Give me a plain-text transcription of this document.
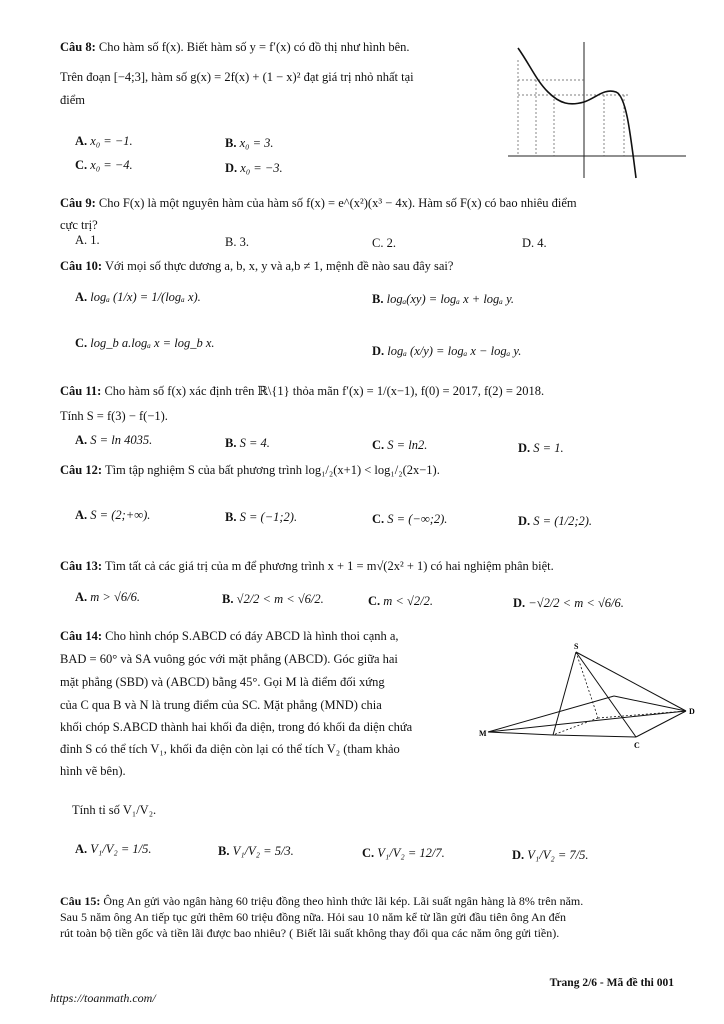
Câu 8: Cho hàm số f(x). Biết hàm số y = f′(x) có đồ thị như hình bên.
Trên đoạn [−4;3], hàm số g(x) = 2f(x) + (1 − x)² đạt giá trị nhỏ nhất tại
điểm
A. x₀ = −1.	B. x₀ = 3.
C. x₀ = −4.	D. x₀ = −3.
Câu 9: Cho F(x) là một nguyên hàm của hàm số f(x) = e^(x²)(x³ − 4x). Hàm số F(x) có bao nhiêu điểm
cực trị?
A. 1.	B. 3.	C. 2.	D. 4.
Câu 10: Với mọi số thực dương a, b, x, y và a,b ≠ 1, mệnh đề nào sau đây sai?
A. logₐ (1/x) = 1/(logₐ x).	B. logₐ(xy) = logₐ x + logₐ y.
C. log_b a.logₐ x = log_b x.
D. logₐ (x/y) = logₐ x − logₐ y.
Câu 11: Cho hàm số f(x) xác định trên ℝ\{1} thỏa mãn f′(x) = 1/(x−1), f(0) = 2017, f(2) = 2018.
Tính S = f(3) − f(−1).
A. S = ln 4035.	B. S = 4.	C. S = ln2.	D. S = 1.
Câu 12: Tìm tập nghiệm S của bất phương trình log₁/₂(x+1) < log₁/₂(2x−1).
A. S = (2;+∞).	B. S = (−1;2).	C. S = (−∞;2).	D. S = (1/2;2).
Câu 13: Tìm tất cả các giá trị của m để phương trình x + 1 = m√(2x² + 1) có hai nghiệm phân biệt.
A. m > √6/6.	B. √2/2 < m < √6/2.	C. m < √2/2.	D. −√2/2 < m < √6/6.
Câu 14: Cho hình chóp S.ABCD có đáy ABCD là hình thoi cạnh a,
BAD = 60° và SA vuông góc với mặt phẳng (ABCD). Góc giữa hai
mặt phẳng (SBD) và (ABCD) bằng 45°. Gọi M là điểm đối xứng
của C qua B và N là trung điểm của SC. Mặt phẳng (MND) chia
khối chóp S.ABCD thành hai khối đa diện, trong đó khối đa diện chứa
đỉnh S có thể tích V₁, khối đa diện còn lại có thể tích V₂ (tham khảo
hình vẽ bên).
Tính tỉ số V₁/V₂.
S
D
C
M
A. V₁/V₂ = 1/5.	B. V₁/V₂ = 5/3.	C. V₁/V₂ = 12/7.	D. V₁/V₂ = 7/5.
Câu 15: Ông An gửi vào ngân hàng 60 triệu đồng theo hình thức lãi kép. Lãi suất ngân hàng là 8% trên năm.
Sau 5 năm ông An tiếp tục gửi thêm 60 triệu đồng nữa. Hỏi sau 10 năm kể từ lần gửi đầu tiên ông An đến
rút toàn bộ tiền gốc và tiền lãi được bao nhiêu? ( Biết lãi suất không thay đổi qua các năm ông gửi tiền).
Trang 2/6 - Mã đề thi 001
https://toanmath.com/
